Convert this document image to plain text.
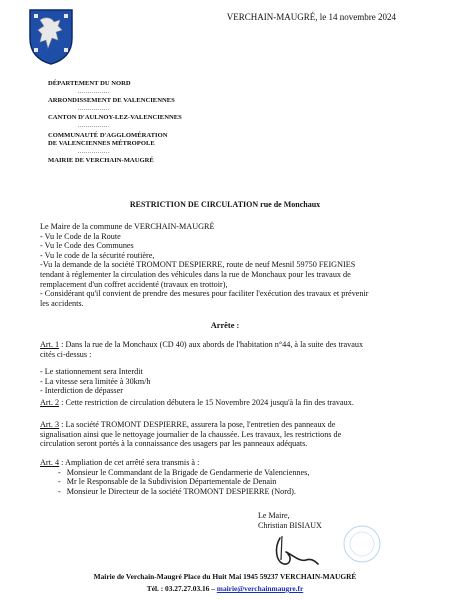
VERCHAIN-MAUGRÉ, le 14 novembre 2024
DÉPARTEMENT DU NORD
................
ARRONDISSEMENT DE VALENCIENNES
................
CANTON D'AULNOY-LEZ-VALENCIENNES
................
COMMUNAUTÉ D'AGGLOMÉRATION
DE VALENCIENNES MÉTROPOLE
................
MAIRIE DE VERCHAIN-MAUGRÉ
RESTRICTION DE CIRCULATION rue de Monchaux
Le Maire de la commune de VERCHAIN-MAUGRÉ
- Vu le Code de la Route
- Vu le Code des Communes
- Vu le code de la sécurité routière,
-Vu la demande de la société TROMONT DESPIERRE, route de neuf Mesnil 59750 FEIGNIES
tendant à réglementer la circulation des véhicules dans la rue de Monchaux pour les travaux de
remplacement d'un coffret accidenté (travaux en trottoir),
- Considérant qu'il convient de prendre des mesures pour faciliter l'exécution des travaux et prévenir
les accidents.
Arrête :
Art. 1 : Dans la rue de la Monchaux (CD 40) aux abords de l'habitation n°44, à la suite des travaux
cités ci-dessus :
- Le stationnement sera Interdit
- La vitesse sera limitée à 30km/h
- Interdiction de dépasser
Art. 2 : Cette restriction de circulation débutera le 15 Novembre 2024 jusqu'à la fin des travaux.
Art. 3 : La société TROMONT DESPIERRE, assurera la pose, l'entretien des panneaux de
signalisation ainsi que le nettoyage journalier de la chaussée. Les travaux, les restrictions de
circulation seront portés à la connaissance des usagers par les panneaux adéquats.
Art. 4 : Ampliation de cet arrêté sera transmis à :
- Monsieur le Commandant de la Brigade de Gendarmerie de Valenciennes,
- Mr le Responsable de la Subdivision Départementale de Denain
- Monsieur le Directeur de la société TROMONT DESPIERRE (Nord).
Le Maire,
Christian BISIAUX
Mairie de Verchain-Maugré Place du Huit Mai 1945 59237 VERCHAIN-MAUGRÉ
Tél. : 03.27.27.03.16 – mairie@verchainmaugre.fr
